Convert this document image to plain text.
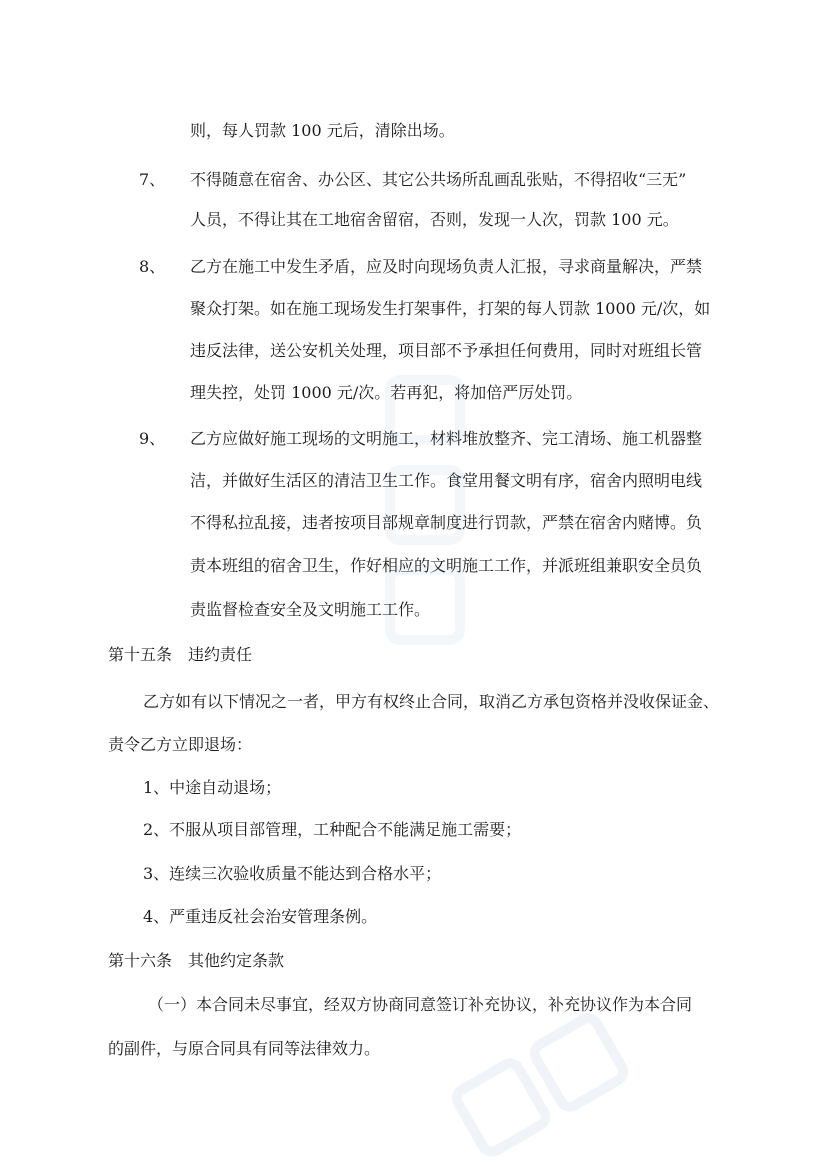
则，每人罚款 100 元后，清除出场。
7、 不得随意在宿舍、办公区、其它公共场所乱画乱张贴，不得招收“三无”
人员，不得让其在工地宿舍留宿，否则，发现一人次，罚款 100 元。
8、 乙方在施工中发生矛盾，应及时向现场负责人汇报，寻求商量解决，严禁
聚众打架。如在施工现场发生打架事件，打架的每人罚款 1000 元/次，如
违反法律，送公安机关处理，项目部不予承担任何费用，同时对班组长管
理失控，处罚 1000 元/次。若再犯，将加倍严厉处罚。
9、 乙方应做好施工现场的文明施工，材料堆放整齐、完工清场、施工机器整
洁，并做好生活区的清洁卫生工作。食堂用餐文明有序，宿舍内照明电线
不得私拉乱接，违者按项目部规章制度进行罚款，严禁在宿舍内赌博。负
责本班组的宿舍卫生，作好相应的文明施工工作，并派班组兼职安全员负
责监督检查安全及文明施工工作。
第十五条　违约责任
乙方如有以下情况之一者，甲方有权终止合同，取消乙方承包资格并没收保证金、
责令乙方立即退场：
1、中途自动退场；
2、不服从项目部管理，工种配合不能满足施工需要；
3、连续三次验收质量不能达到合格水平；
4、严重违反社会治安管理条例。
第十六条　其他约定条款
（一）本合同未尽事宜，经双方协商同意签订补充协议，补充协议作为本合同
的副件，与原合同具有同等法律效力。
